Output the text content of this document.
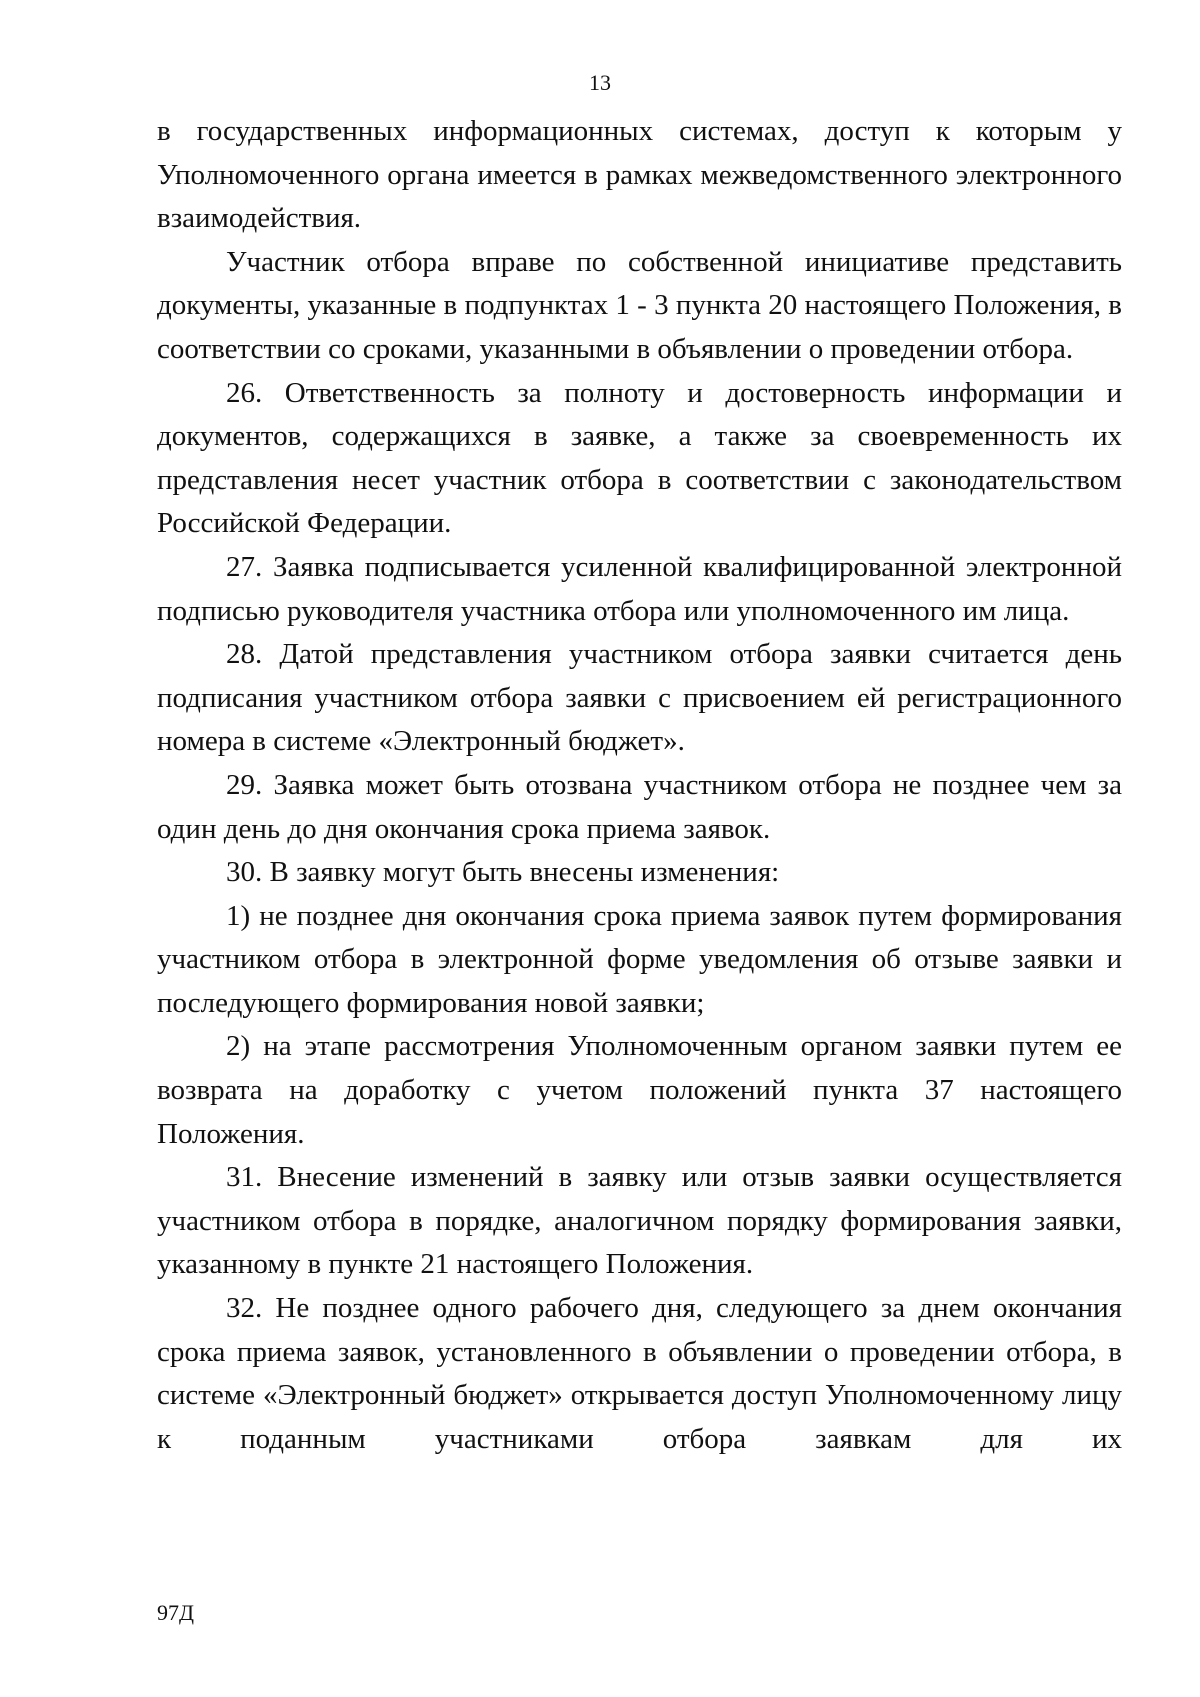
13

в государственных информационных системах, доступ к которым у Уполномоченного органа имеется в рамках межведомственного электронного взаимодействия.

Участник отбора вправе по собственной инициативе представить документы, указанные в подпунктах 1 - 3 пункта 20 настоящего Положения, в соответствии со сроками, указанными в объявлении о проведении отбора.

26. Ответственность за полноту и достоверность информации и документов, содержащихся в заявке, а также за своевременность их представления несет участник отбора в соответствии с законодательством Российской Федерации.

27. Заявка подписывается усиленной квалифицированной электронной подписью руководителя участника отбора или уполномоченного им лица.

28. Датой представления участником отбора заявки считается день подписания участником отбора заявки с присвоением ей регистрационного номера в системе «Электронный бюджет».

29. Заявка может быть отозвана участником отбора не позднее чем за один день до дня окончания срока приема заявок.

30. В заявку могут быть внесены изменения:

1) не позднее дня окончания срока приема заявок путем формирования участником отбора в электронной форме уведомления об отзыве заявки и последующего формирования новой заявки;

2) на этапе рассмотрения Уполномоченным органом заявки путем ее возврата на доработку с учетом положений пункта 37 настоящего Положения.

31. Внесение изменений в заявку или отзыв заявки осуществляется участником отбора в порядке, аналогичном порядку формирования заявки, указанному в пункте 21 настоящего Положения.

32. Не позднее одного рабочего дня, следующего за днем окончания срока приема заявок, установленного в объявлении о проведении отбора, в системе «Электронный бюджет» открывается доступ Уполномоченному лицу к поданным участниками отбора заявкам для их

97Д
